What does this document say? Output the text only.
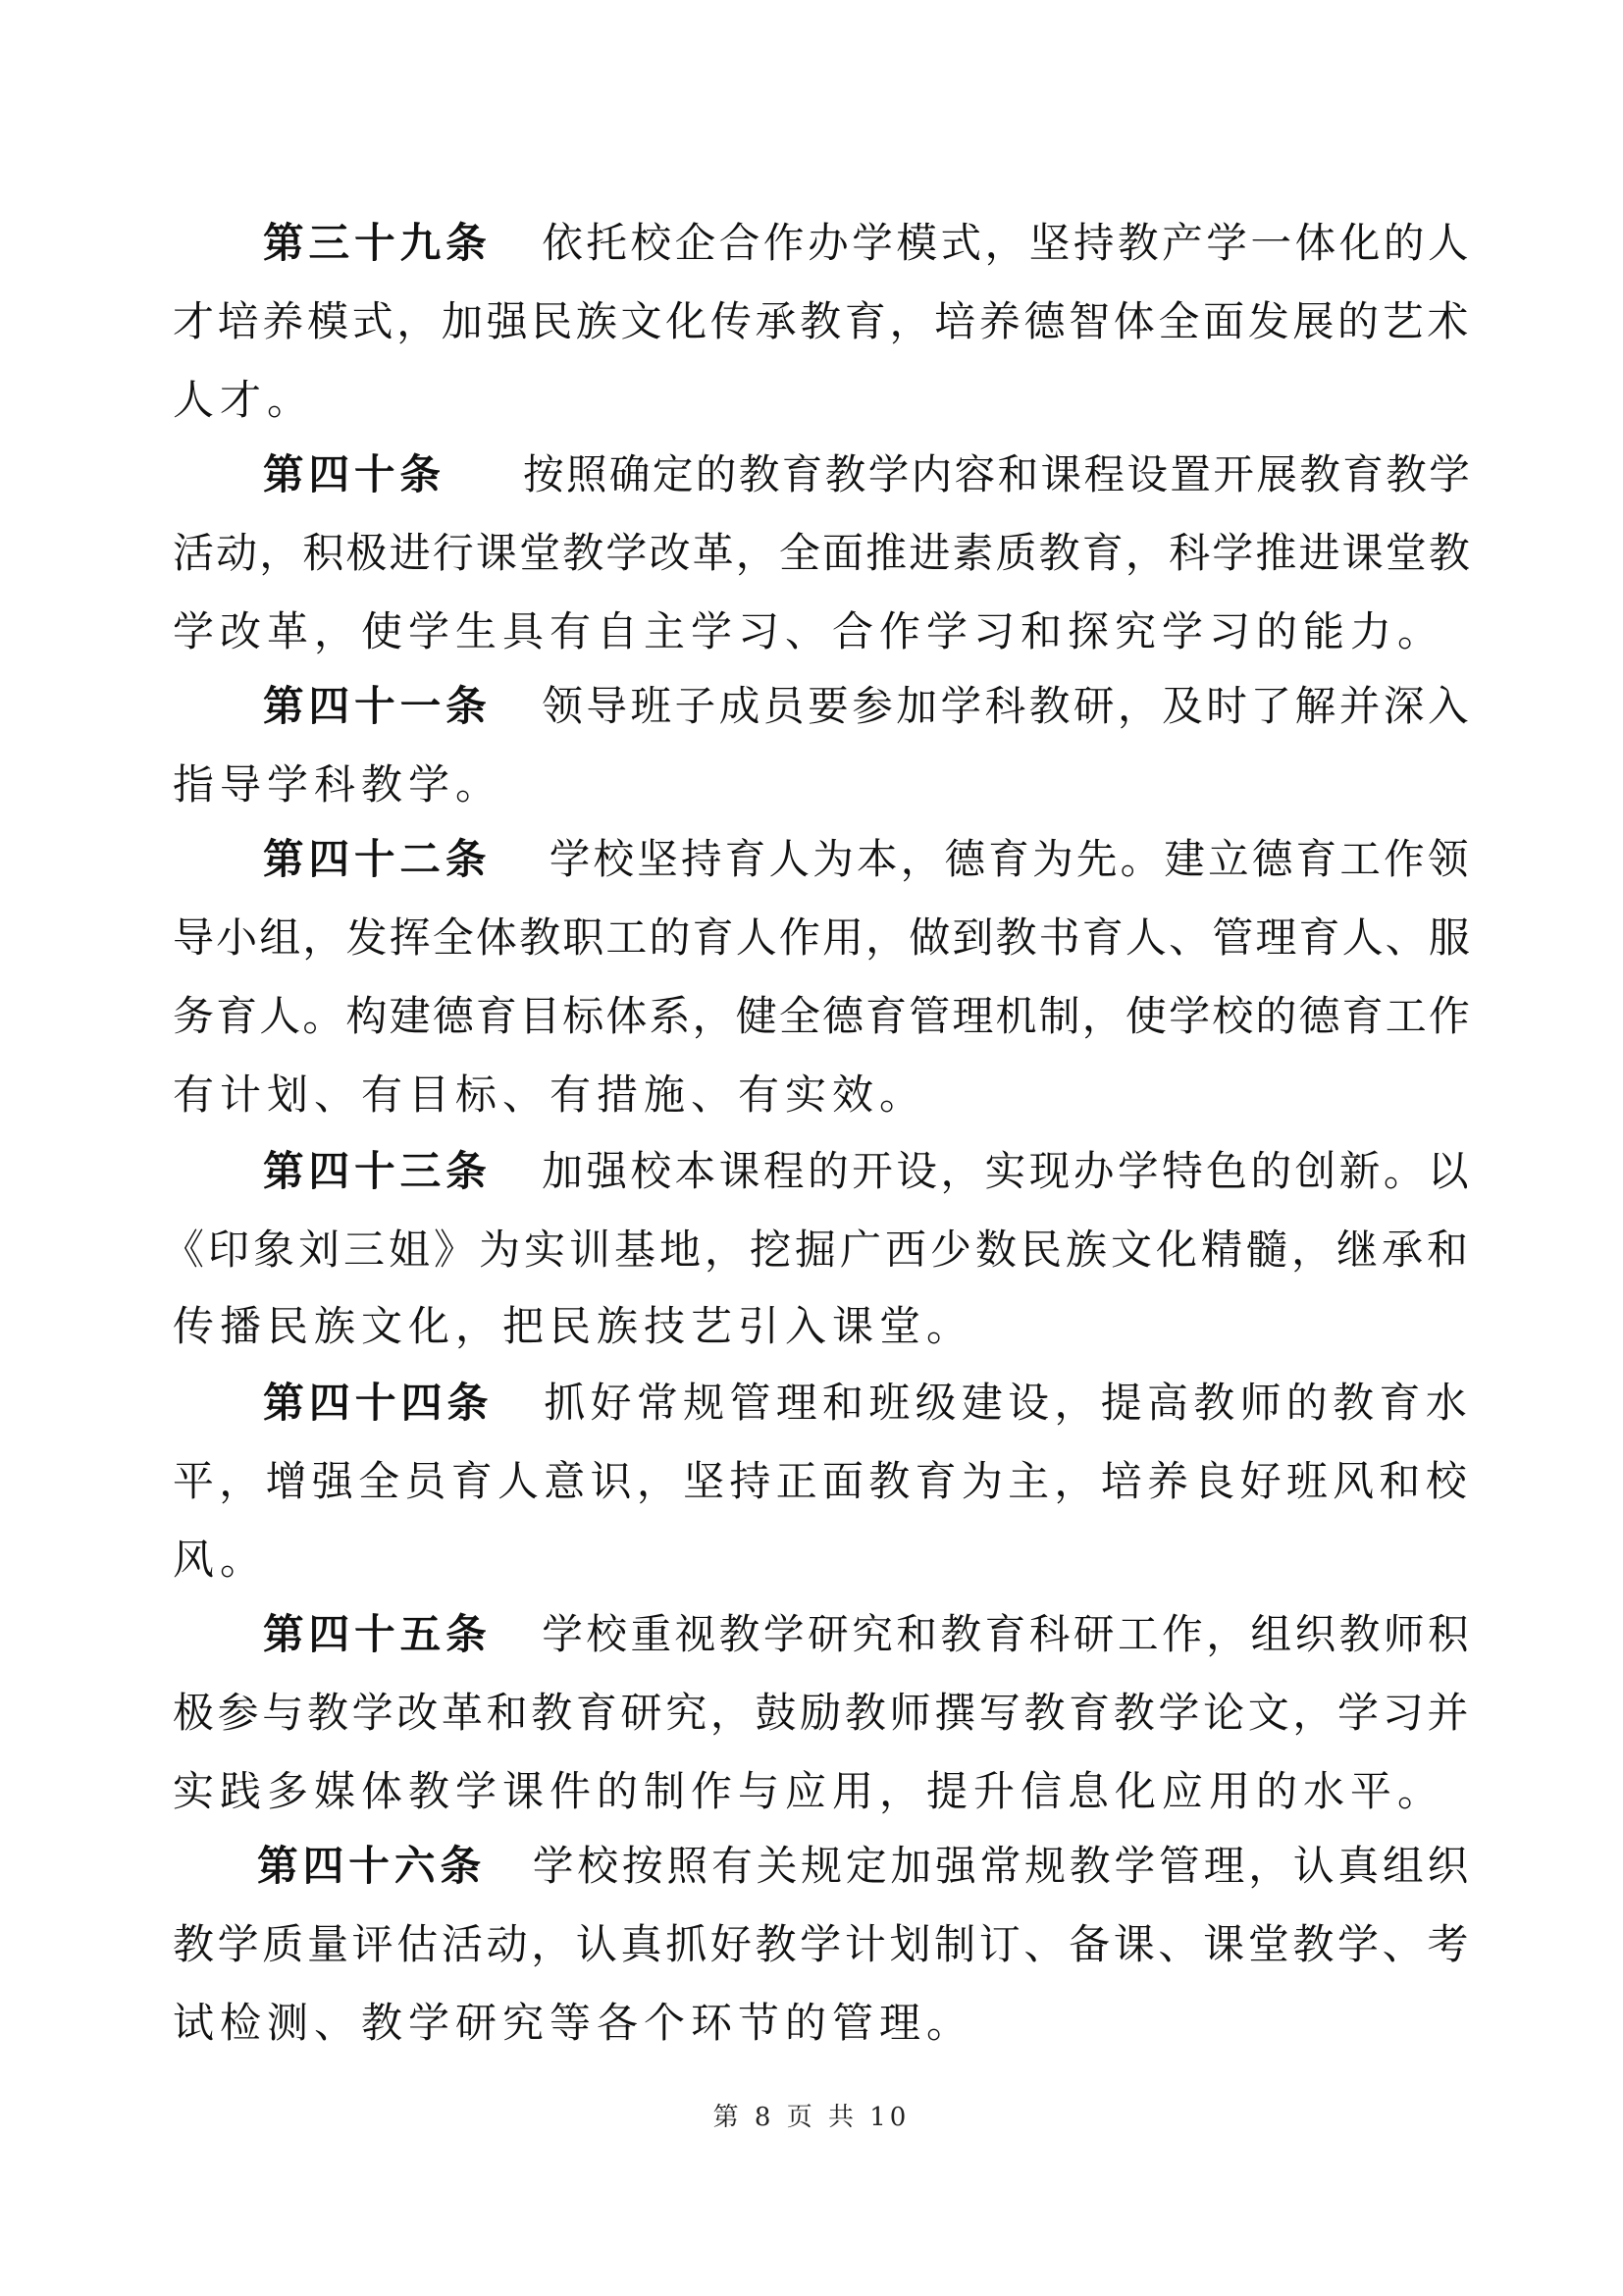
第三十九条 依托校企合作办学模式，坚持教产学一体化的人
才培养模式，加强民族文化传承教育，培养德智体全面发展的艺术
人才。
第四十条 按照确定的教育教学内容和课程设置开展教育教学
活动，积极进行课堂教学改革，全面推进素质教育，科学推进课堂教
学改革，使学生具有自主学习、合作学习和探究学习的能力。
第四十一条 领导班子成员要参加学科教研，及时了解并深入
指导学科教学。
第四十二条 学校坚持育人为本，德育为先。建立德育工作领
导小组，发挥全体教职工的育人作用，做到教书育人、管理育人、服
务育人。构建德育目标体系，健全德育管理机制，使学校的德育工作
有计划、有目标、有措施、有实效。
第四十三条 加强校本课程的开设，实现办学特色的创新。以
《印象刘三姐》为实训基地，挖掘广西少数民族文化精髓，继承和
传播民族文化，把民族技艺引入课堂。
第四十四条 抓好常规管理和班级建设，提高教师的教育水
平，增强全员育人意识，坚持正面教育为主，培养良好班风和校
风。
第四十五条 学校重视教学研究和教育科研工作，组织教师积
极参与教学改革和教育研究，鼓励教师撰写教育教学论文，学习并
实践多媒体教学课件的制作与应用，提升信息化应用的水平。
第四十六条 学校按照有关规定加强常规教学管理，认真组织
教学质量评估活动，认真抓好教学计划制订、备课、课堂教学、考
试检测、教学研究等各个环节的管理。
第 8 页 共 10
